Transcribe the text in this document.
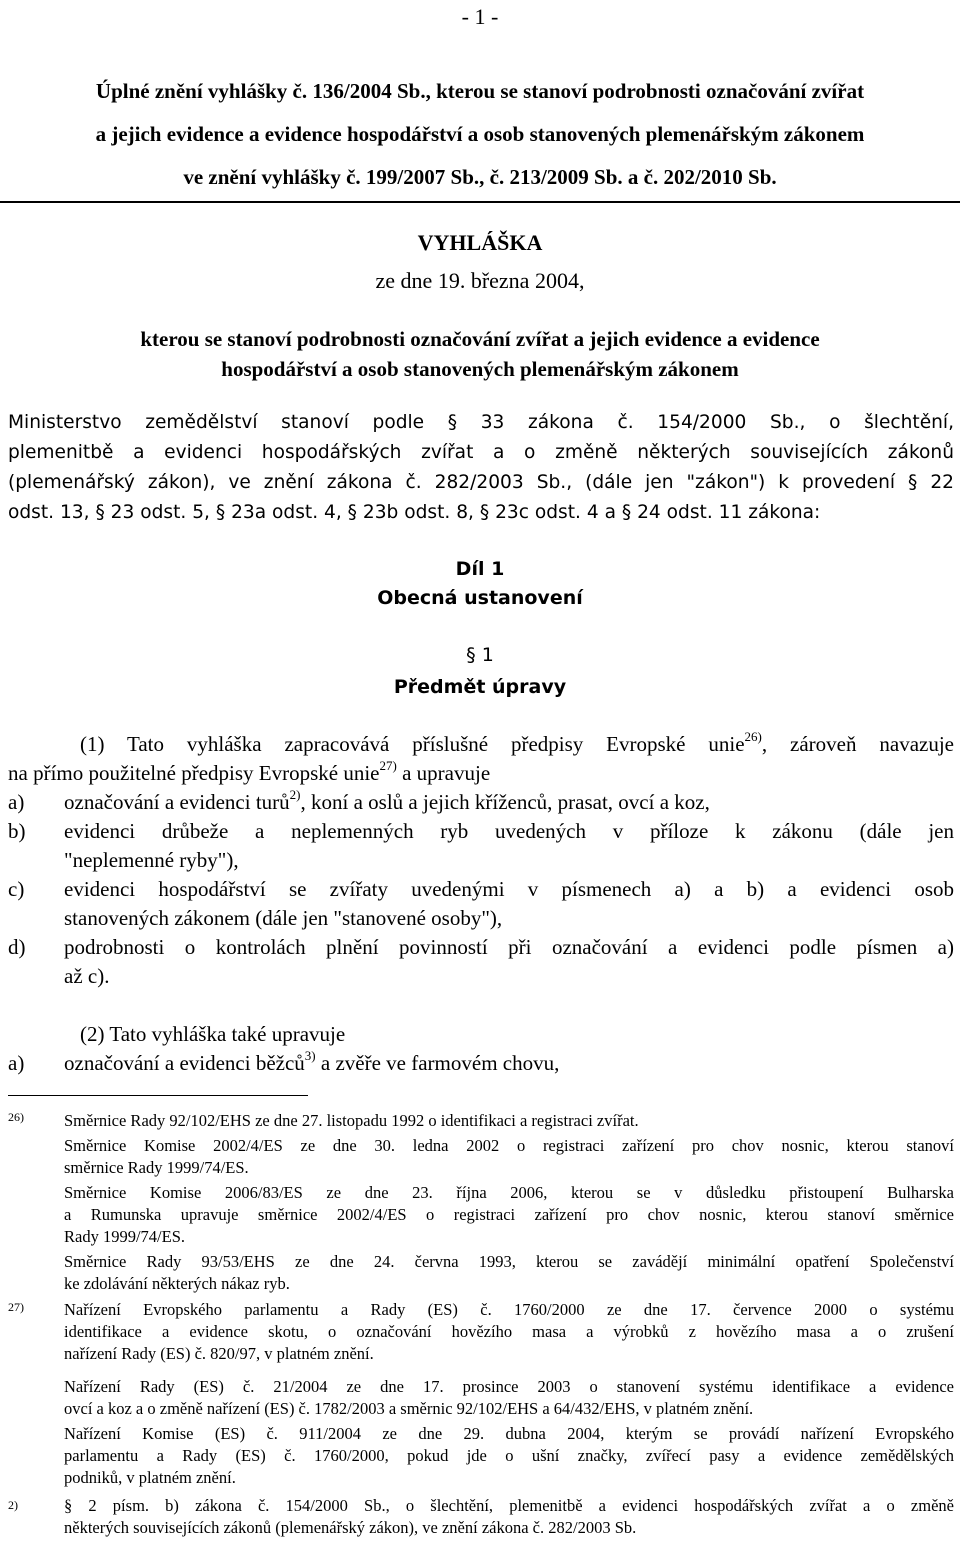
- 1 -
Úplné znění vyhlášky č. 136/2004 Sb., kterou se stanoví podrobnosti označování zvířat
a jejich evidence a evidence hospodářství a osob stanovených plemenářským zákonem
ve znění vyhlášky č. 199/2007 Sb., č. 213/2009 Sb. a č. 202/2010 Sb.
VYHLÁŠKA
ze dne 19. března 2004,
kterou se stanoví podrobnosti označování zvířat a jejich evidence a evidence
hospodářství a osob stanovených plemenářským zákonem
Ministerstvo zemědělství stanoví podle § 33 zákona č. 154/2000 Sb., o šlechtění,
plemenitbě a evidenci hospodářských zvířat a o změně některých souvisejících zákonů
(plemenářský zákon), ve znění zákona č. 282/2003 Sb., (dále jen "zákon") k provedení § 22
odst. 13, § 23 odst. 5, § 23a odst. 4, § 23b odst. 8, § 23c odst. 4 a § 24 odst. 11 zákona:
Díl 1
Obecná ustanovení
§ 1
Předmět úpravy
(1) Tato vyhláška zapracovává příslušné předpisy Evropské unie$^{26)}$, zároveň navazuje
na přímo použitelné předpisy Evropské unie$^{27)}$ a upravuje
a) označování a evidenci turů$^{2)}$, koní a oslů a jejich kříženců, prasat, ovcí a koz,
b) evidenci drůbeže a neplemenných ryb uvedených v příloze k zákonu (dále jen
"neplemenné ryby"),
c) evidenci hospodářství se zvířaty uvedenými v písmenech a) a b) a evidenci osob
stanovených zákonem (dále jen "stanovené osoby"),
d) podrobnosti o kontrolách plnění povinností při označování a evidenci podle písmen a)
až c).
(2) Tato vyhláška také upravuje
a) označování a evidenci běžců$^{3)}$ a zvěře ve farmovém chovu,
26)
27)
2)
Směrnice Rady 92/102/EHS ze dne 27. listopadu 1992 o identifikaci a registraci zvířat.
Směrnice Komise 2002/4/ES ze dne 30. ledna 2002 o registraci zařízení pro chov nosnic, kterou stanoví
směrnice Rady 1999/74/ES.
Směrnice Komise 2006/83/ES ze dne 23. října 2006, kterou se v důsledku přistoupení Bulharska
a Rumunska upravuje směrnice 2002/4/ES o registraci zařízení pro chov nosnic, kterou stanoví směrnice
Rady 1999/74/ES.
Směrnice Rady 93/53/EHS ze dne 24. června 1993, kterou se zavádějí minimální opatření Společenství
ke zdolávání některých nákaz ryb.
Nařízení Evropského parlamentu a Rady (ES) č. 1760/2000 ze dne 17. července 2000 o systému
identifikace a evidence skotu, o označování hovězího masa a výrobků z hovězího masa a o zrušení
nařízení Rady (ES) č. 820/97, v platném znění.
Nařízení Rady (ES) č. 21/2004 ze dne 17. prosince 2003 o stanovení systému identifikace a evidence
ovcí a koz a o změně nařízení (ES) č. 1782/2003 a směrnic 92/102/EHS a 64/432/EHS, v platném znění.
Nařízení Komise (ES) č. 911/2004 ze dne 29. dubna 2004, kterým se provádí nařízení Evropského
parlamentu a Rady (ES) č. 1760/2000, pokud jde o ušní značky, zvířecí pasy a evidence zemědělských
podniků, v platném znění.
§ 2 písm. b) zákona č. 154/2000 Sb., o šlechtění, plemenitbě a evidenci hospodářských zvířat a o změně
některých souvisejících zákonů (plemenářský zákon), ve znění zákona č. 282/2003 Sb.
